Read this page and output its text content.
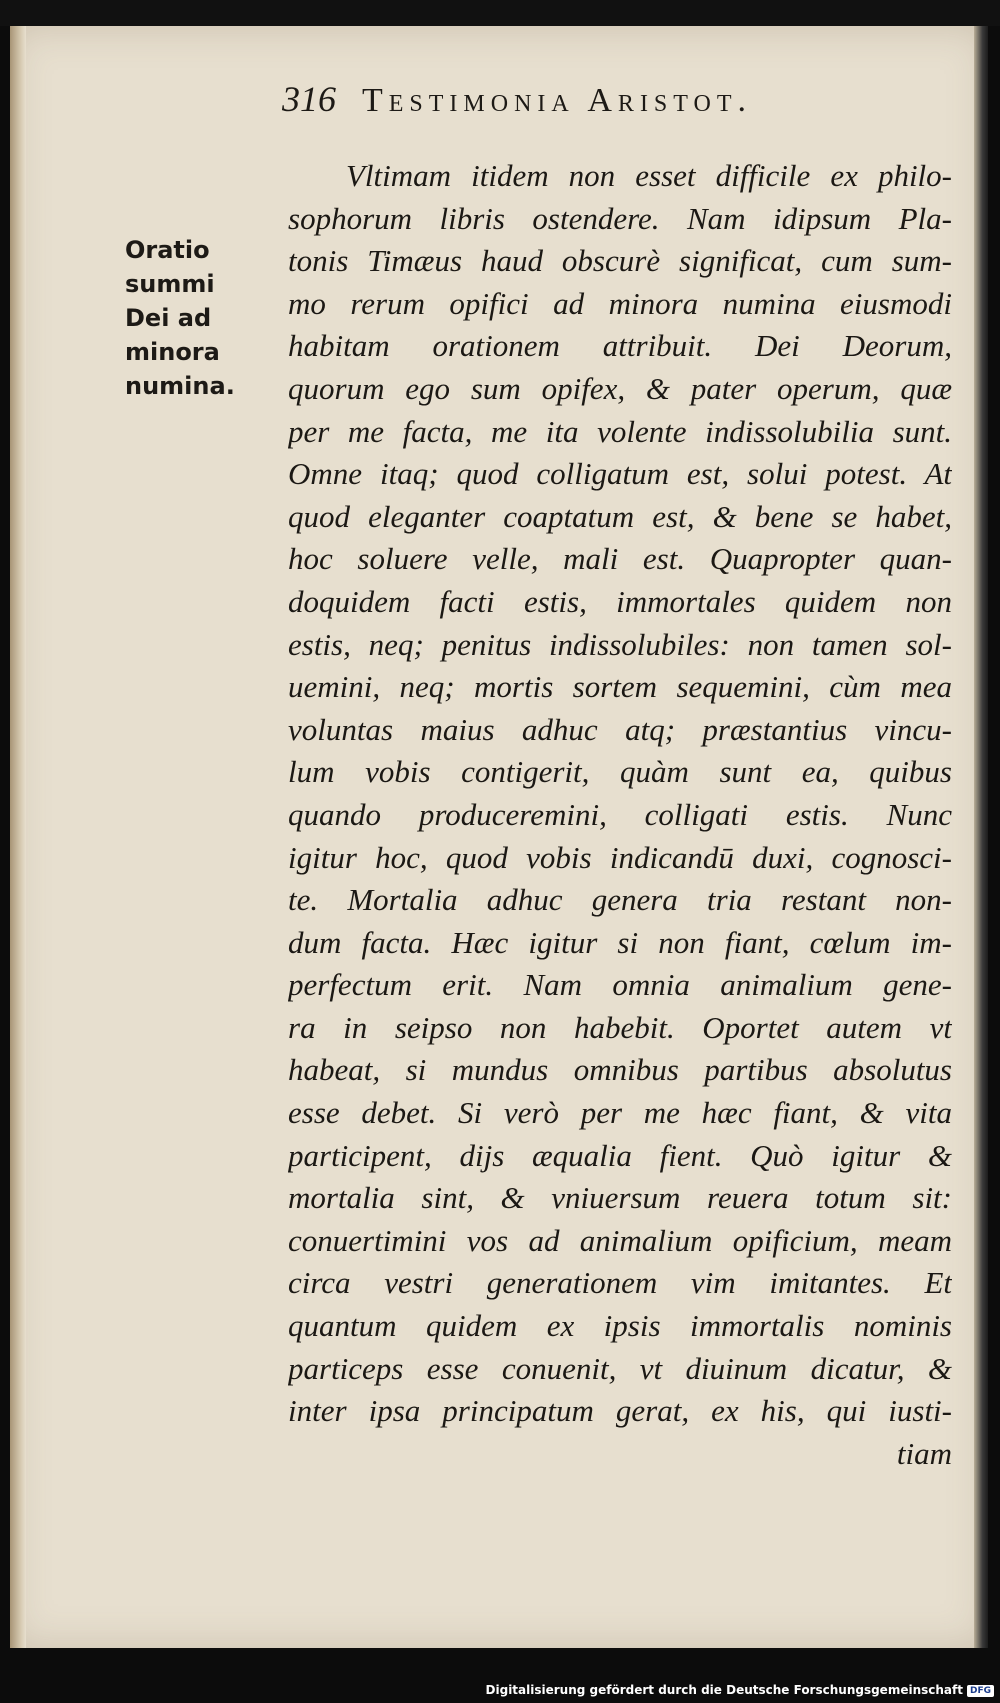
316 Testimonia Aristot.
Oratio
summi
Dei ad
minora
numina.
Vltimam itidem non esset difficile ex philo-
sophorum libris ostendere. Nam idipsum Pla-
tonis Timæus haud obscurè significat, cum sum-
mo rerum opifici ad minora numina eiusmodi
habitam orationem attribuit. Dei Deorum,
quorum ego sum opifex, & pater operum, quæ
per me facta, me ita volente indissolubilia sunt.
Omne itaq; quod colligatum est, solui potest. At
quod eleganter coaptatum est, & bene se habet,
hoc soluere velle, mali est. Quapropter quan-
doquidem facti estis, immortales quidem non
estis, neq; penitus indissolubiles: non tamen sol-
uemini, neq; mortis sortem sequemini, cùm mea
voluntas maius adhuc atq; præstantius vincu-
lum vobis contigerit, quàm sunt ea, quibus
quando produceremini, colligati estis. Nunc
igitur hoc, quod vobis indicandū duxi, cognosci-
te. Mortalia adhuc genera tria restant non-
dum facta. Hæc igitur si non fiant, cœlum im-
perfectum erit. Nam omnia animalium gene-
ra in seipso non habebit. Oportet autem vt
habeat, si mundus omnibus partibus absolutus
esse debet. Si verò per me hæc fiant, & vita
participent, dijs æqualia fient. Quò igitur &
mortalia sint, & vniuersum reuera totum sit:
conuertimini vos ad animalium opificium, meam
circa vestri generationem vim imitantes. Et
quantum quidem ex ipsis immortalis nominis
particeps esse conuenit, vt diuinum dicatur, &
inter ipsa principatum gerat, ex his, qui iusti-
tiam
Digitalisierung gefördert durch die Deutsche Forschungsgemeinschaft DFG
